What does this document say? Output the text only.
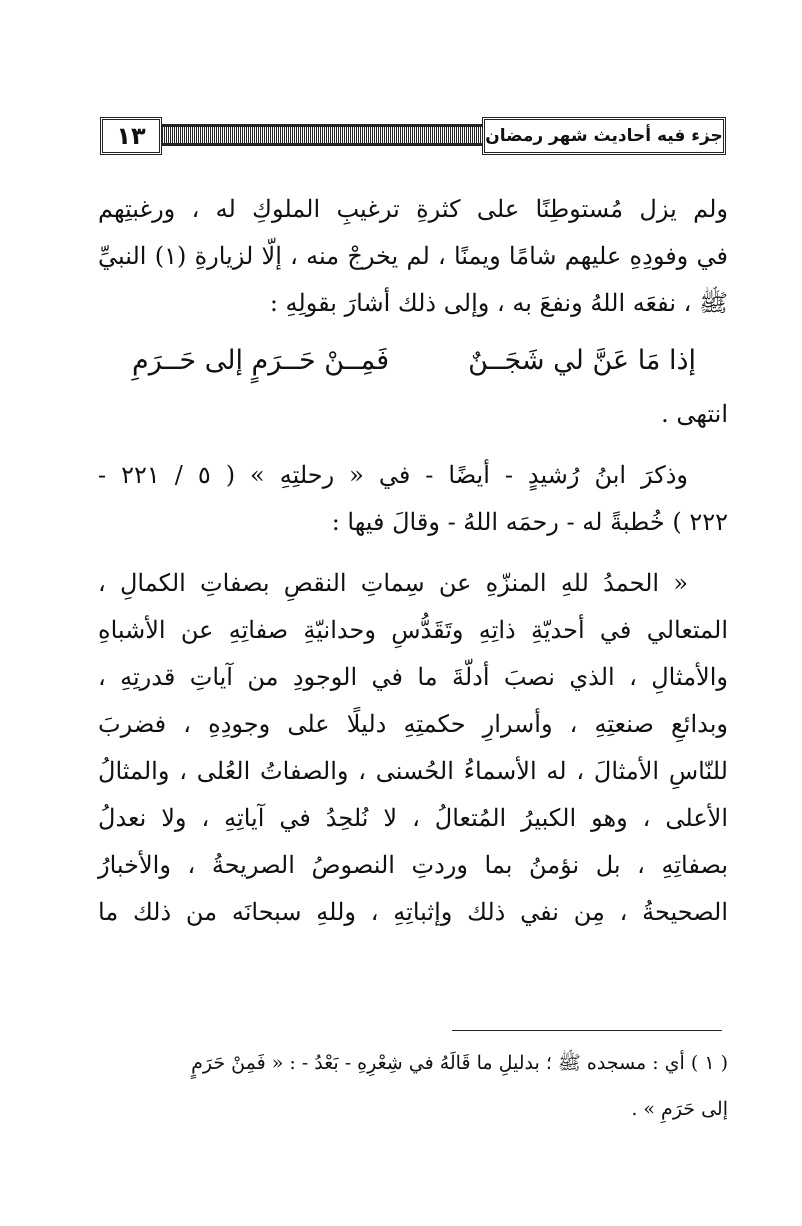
١٣	جزء فيه أحاديث شهر رمضان
ولم يزل مُستوطِنًا على كثرةِ ترغيبِ الملوكِ له ، ورغبتِهم
في وفودِهِ عليهم شامًا ويمنًا ، لم يخرجْ منه ، إلّا لزيارةِ (١) النبيِّ
ﷺ ، نفعَه اللهُ ونفعَ به ، وإلى ذلك أشارَ بقولِهِ :
إذا مَا عَنَّ لي شَجَــنٌ
فَمِــنْ حَــرَمٍ إلى حَــرَمِ
انتهى .
وذكرَ ابنُ رُشيدٍ - أيضًا - في « رحلتِهِ » ( ٥ / ٢٢١ -
٢٢٢ ) خُطبةً له - رحمَه اللهُ - وقالَ فيها :
« الحمدُ للهِ المنزّهِ عن سِماتِ النقصِ بصفاتِ الكمالِ ،
المتعالي في أحديّةِ ذاتِهِ وتَقَدُّسِ وحدانيّةِ صفاتِهِ عن الأشباهِ
والأمثالِ ، الذي نصبَ أدلّةَ ما في الوجودِ من آياتِ قدرتِهِ ،
وبدائعِ صنعتِهِ ، وأسرارِ حكمتِهِ دليلًا على وجودِهِ ، فضربَ
للنّاسِ الأمثالَ ، له الأسماءُ الحُسنى ، والصفاتُ العُلى ، والمثالُ
الأعلى ، وهو الكبيرُ المُتعالُ ، لا نُلحِدُ في آياتِهِ ، ولا نعدلُ
بصفاتِهِ ، بل نؤمنُ بما وردتِ النصوصُ الصريحةُ ، والأخبارُ
الصحيحةُ ، مِن نفي ذلك وإثباتِهِ ، وللهِ سبحانَه من ذلك ما
( ١ ) أي : مسجده ﷺ ؛ بدليلِ ما قَالَهُ في شِعْرِهِ - بَعْدُ - : « فَمِنْ حَرَمٍ
إلى حَرَمِ » .
